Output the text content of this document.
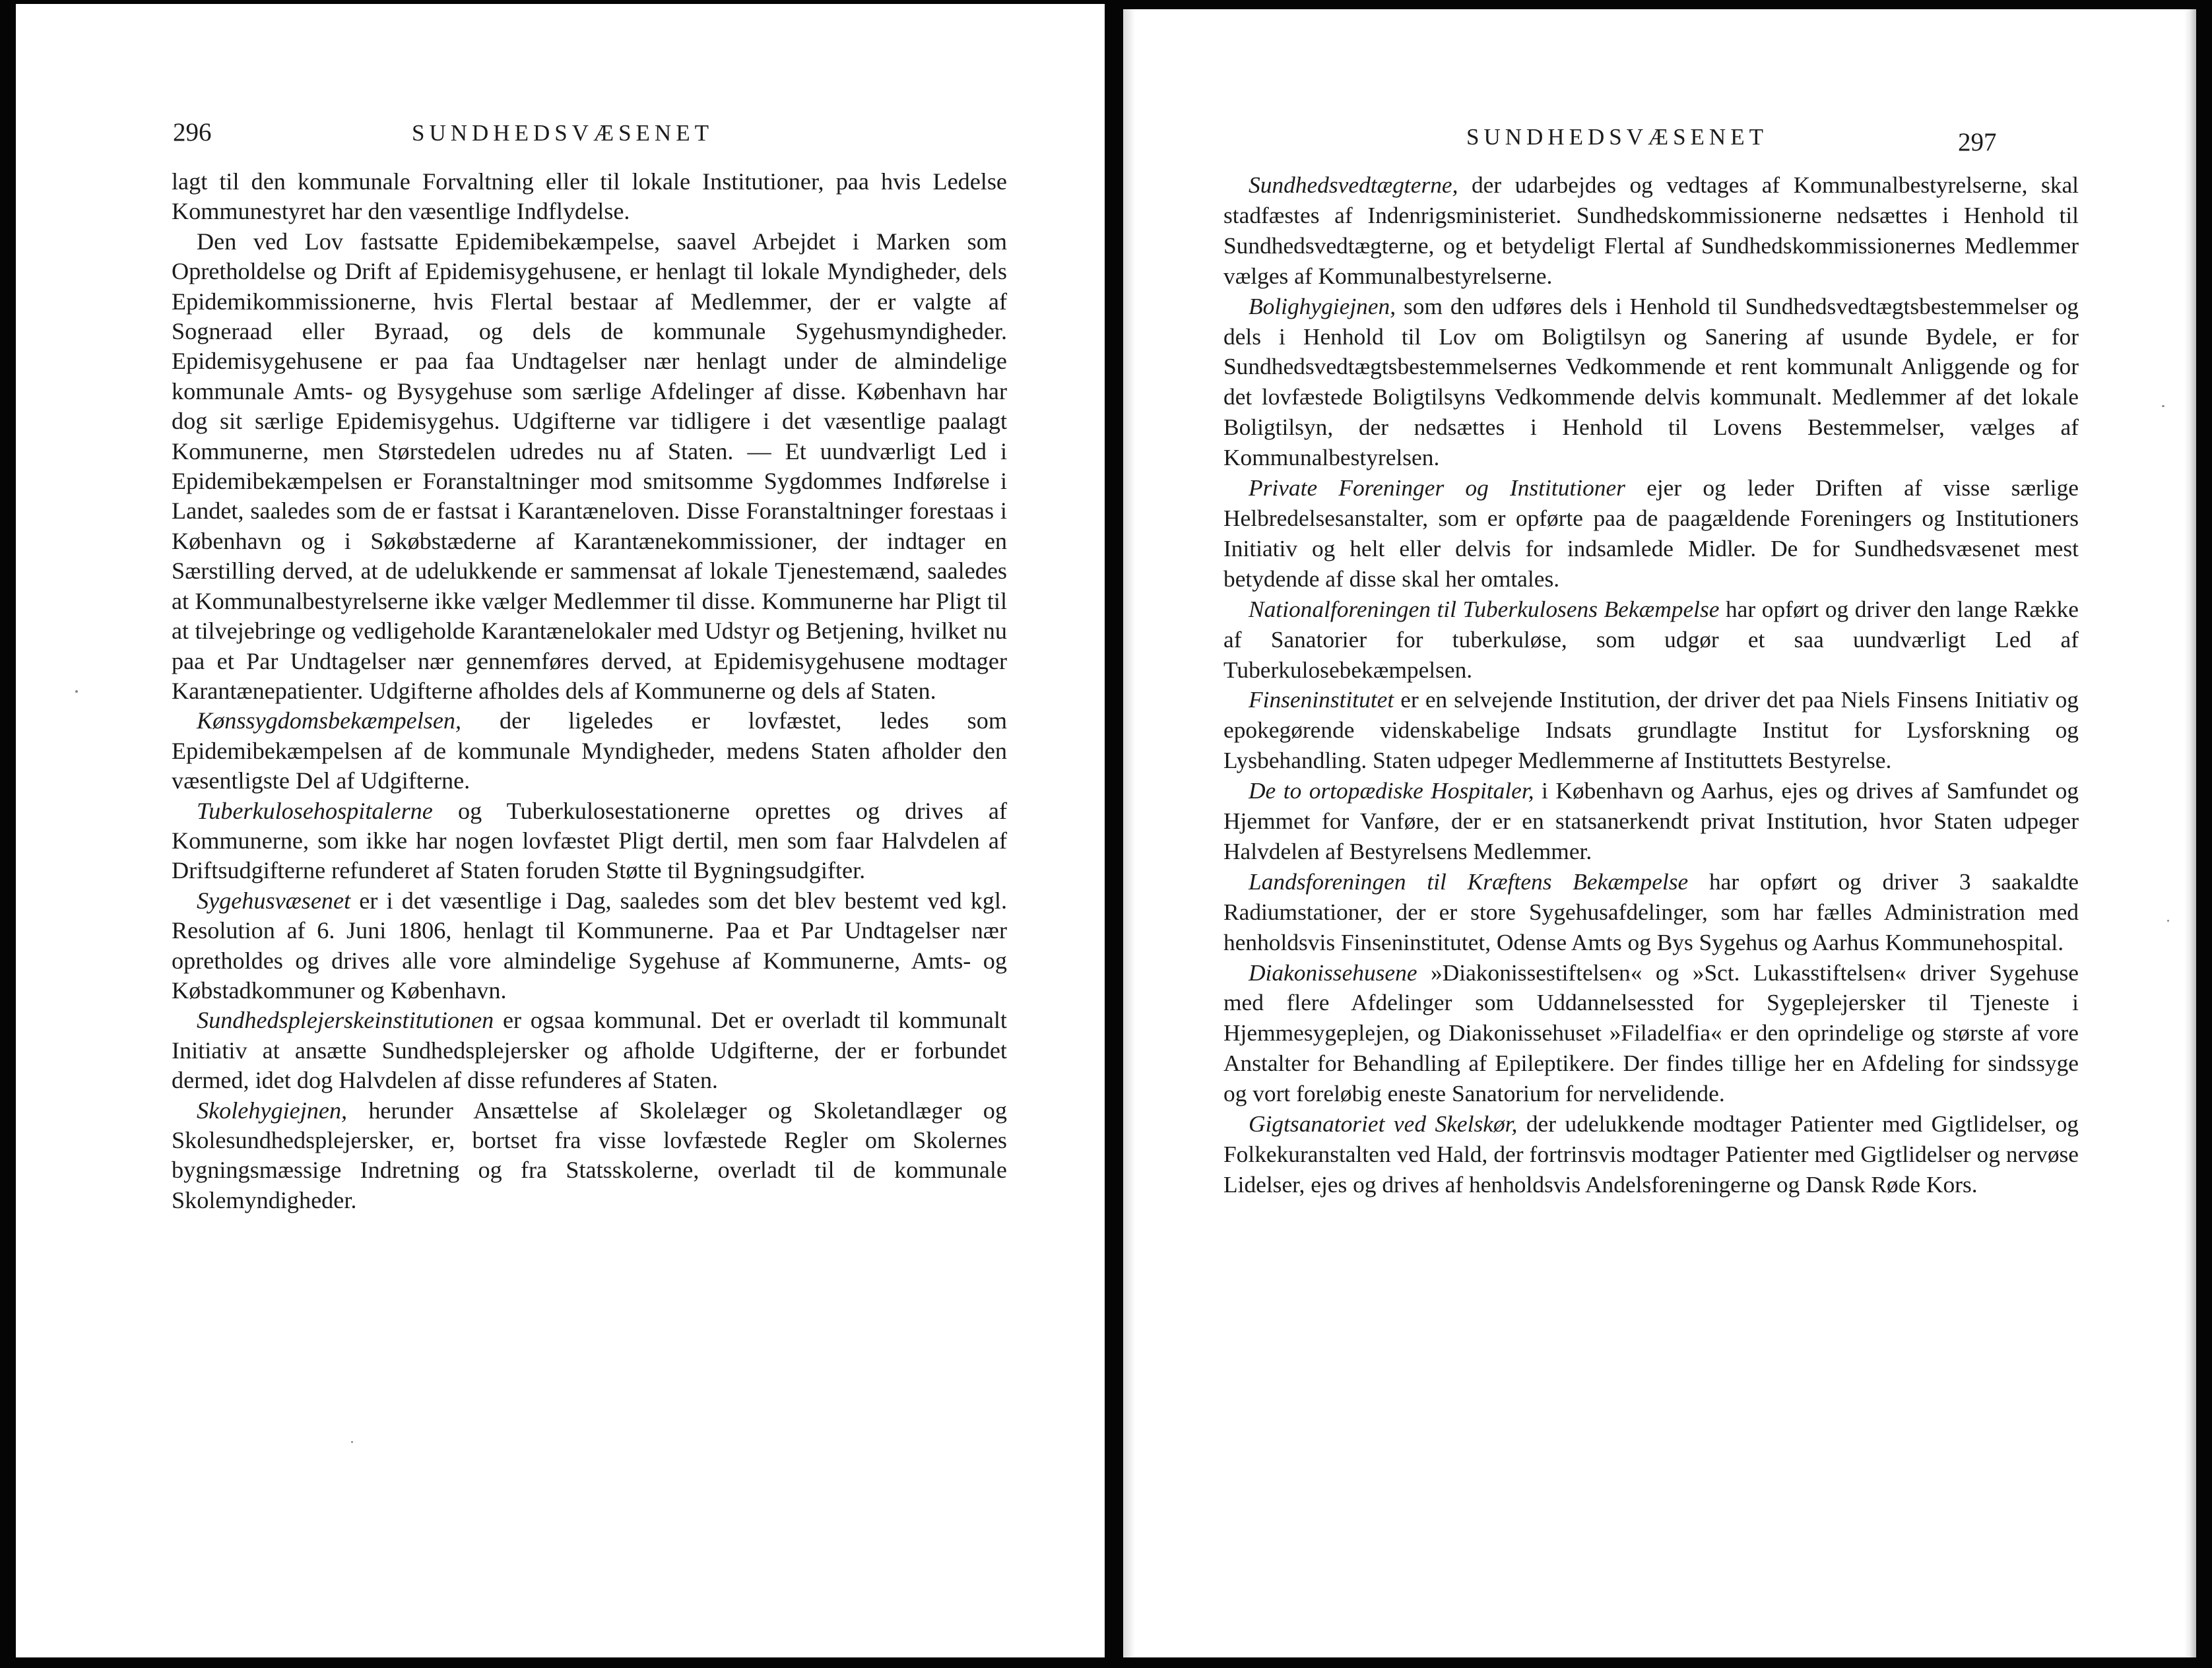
296	SUNDHEDSVÆSENET

lagt til den kommunale Forvaltning eller til lokale Institutioner, paa hvis Ledelse Kommunestyret har den væsentlige Indflydelse.

Den ved Lov fastsatte Epidemibekæmpelse, saavel Arbejdet i Marken som Opretholdelse og Drift af Epidemisygehusene, er henlagt til lokale Myndigheder, dels Epidemikommissionerne, hvis Flertal bestaar af Medlemmer, der er valgte af Sogneraad eller Byraad, og dels de kommunale Sygehusmyndigheder. Epidemisygehusene er paa faa Undtagelser nær henlagt under de almindelige kommunale Amts- og Bysygehuse som særlige Afdelinger af disse. København har dog sit særlige Epidemisygehus. Udgifterne var tidligere i det væsentlige paalagt Kommunerne, men Størstedelen udredes nu af Staten. — Et uundværligt Led i Epidemibekæmpelsen er Foranstaltninger mod smitsomme Sygdommes Indførelse i Landet, saaledes som de er fastsat i Karantæneloven. Disse Foranstaltninger forestaas i København og i Søkøbstæderne af Karantænekommissioner, der indtager en Særstilling derved, at de udelukkende er sammensat af lokale Tjenestemænd, saaledes at Kommunalbestyrelserne ikke vælger Medlemmer til disse. Kommunerne har Pligt til at tilvejebringe og vedligeholde Karantænelokaler med Udstyr og Betjening, hvilket nu paa et Par Undtagelser nær gennemføres derved, at Epidemisygehusene modtager Karantænepatienter. Udgifterne afholdes dels af Kommunerne og dels af Staten.

Kønssygdomsbekæmpelsen, der ligeledes er lovfæstet, ledes som Epidemibekæmpelsen af de kommunale Myndigheder, medens Staten afholder den væsentligste Del af Udgifterne.

Tuberkulosehospitalerne og Tuberkulosestationerne oprettes og drives af Kommunerne, som ikke har nogen lovfæstet Pligt dertil, men som faar Halvdelen af Driftsudgifterne refunderet af Staten foruden Støtte til Bygningsudgifter.

Sygehusvæsenet er i det væsentlige i Dag, saaledes som det blev bestemt ved kgl. Resolution af 6. Juni 1806, henlagt til Kommunerne. Paa et Par Undtagelser nær opretholdes og drives alle vore almindelige Sygehuse af Kommunerne, Amts- og Købstadkommuner og København.

Sundhedsplejerskeinstitutionen er ogsaa kommunal. Det er overladt til kommunalt Initiativ at ansætte Sundhedsplejersker og afholde Udgifterne, der er forbundet dermed, idet dog Halvdelen af disse refunderes af Staten.

Skolehygiejnen, herunder Ansættelse af Skolelæger og Skoletandlæger og Skolesundhedsplejersker, er, bortset fra visse lovfæstede Regler om Skolernes bygningsmæssige Indretning og fra Statsskolerne, overladt til de kommunale Skolemyndigheder.

SUNDHEDSVÆSENET	297

Sundhedsvedtægterne, der udarbejdes og vedtages af Kommunalbestyrelserne, skal stadfæstes af Indenrigsministeriet. Sundhedskommissionerne nedsættes i Henhold til Sundhedsvedtægterne, og et betydeligt Flertal af Sundhedskommissionernes Medlemmer vælges af Kommunalbestyrelserne.

Bolighygiejnen, som den udføres dels i Henhold til Sundhedsvedtægtsbestemmelser og dels i Henhold til Lov om Boligtilsyn og Sanering af usunde Bydele, er for Sundhedsvedtægtsbestemmelsernes Vedkommende et rent kommunalt Anliggende og for det lovfæstede Boligtilsyns Vedkommende delvis kommunalt. Medlemmer af det lokale Boligtilsyn, der nedsættes i Henhold til Lovens Bestemmelser, vælges af Kommunalbestyrelsen.

Private Foreninger og Institutioner ejer og leder Driften af visse særlige Helbredelsesanstalter, som er opførte paa de paagældende Foreningers og Institutioners Initiativ og helt eller delvis for indsamlede Midler. De for Sundhedsvæsenet mest betydende af disse skal her omtales.

Nationalforeningen til Tuberkulosens Bekæmpelse har opført og driver den lange Række af Sanatorier for tuberkuløse, som udgør et saa uundværligt Led af Tuberkulosebekæmpelsen.

Finseninstitutet er en selvejende Institution, der driver det paa Niels Finsens Initiativ og epokegørende videnskabelige Indsats grundlagte Institut for Lysforskning og Lysbehandling. Staten udpeger Medlemmerne af Instituttets Bestyrelse.

De to ortopædiske Hospitaler, i København og Aarhus, ejes og drives af Samfundet og Hjemmet for Vanføre, der er en statsanerkendt privat Institution, hvor Staten udpeger Halvdelen af Bestyrelsens Medlemmer.

Landsforeningen til Kræftens Bekæmpelse har opført og driver 3 saakaldte Radiumstationer, der er store Sygehusafdelinger, som har fælles Administration med henholdsvis Finseninstitutet, Odense Amts og Bys Sygehus og Aarhus Kommunehospital.

Diakonissehusene »Diakonissestiftelsen« og »Sct. Lukasstiftelsen« driver Sygehuse med flere Afdelinger som Uddannelsessted for Sygeplejersker til Tjeneste i Hjemmesygeplejen, og Diakonissehuset »Filadelfia« er den oprindelige og største af vore Anstalter for Behandling af Epileptikere. Der findes tillige her en Afdeling for sindssyge og vort foreløbig eneste Sanatorium for nervelidende.

Gigtsanatoriet ved Skelskør, der udelukkende modtager Patienter med Gigtlidelser, og Folkekuranstalten ved Hald, der fortrinsvis modtager Patienter med Gigtlidelser og nervøse Lidelser, ejes og drives af henholdsvis Andelsforeningerne og Dansk Røde Kors.
